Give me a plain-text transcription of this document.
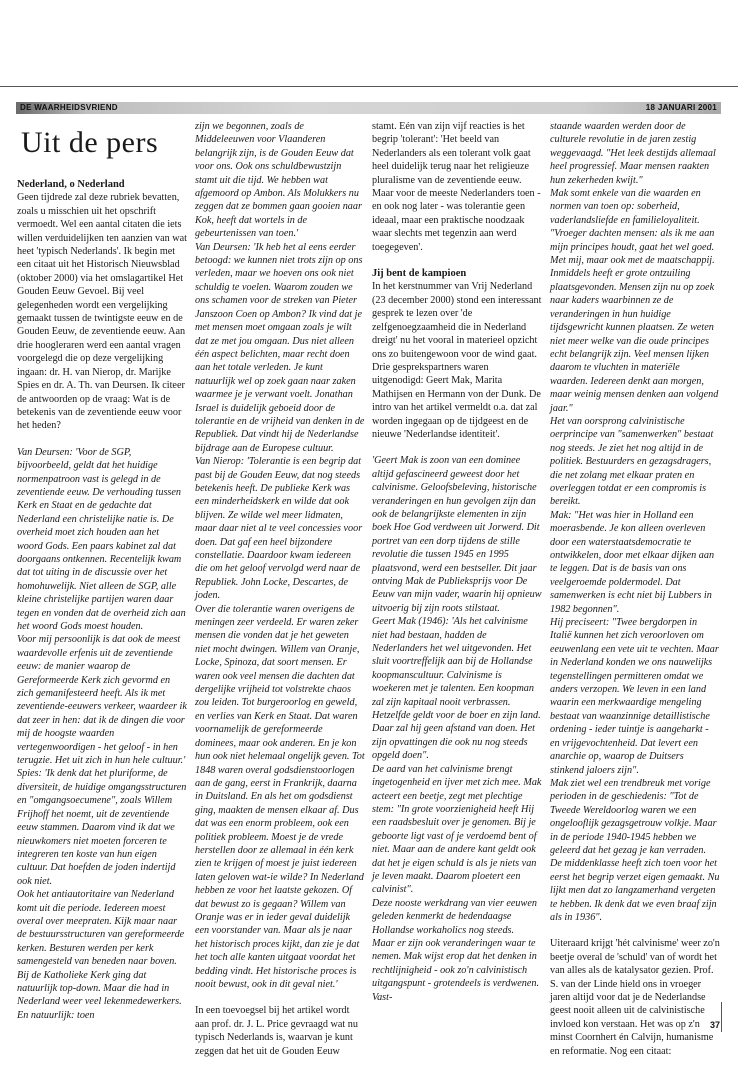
DE WAARHEIDSVRIEND	18 JANUARI 2001
Uit de pers

Nederland, o Nederland

Geen tijdrede zal deze rubriek bevatten, zoals u misschien uit het opschrift vermoedt. Wel een aantal citaten die iets willen verduidelijken ten aanzien van wat heet 'typisch Nederlands'. Ik begin met een citaat uit het Historisch Nieuwsblad (oktober 2000) via het omslagartikel Het Gouden Eeuw Gevoel. Bij veel gelegenheden wordt een vergelijking gemaakt tussen de twintigste eeuw en de Gouden Eeuw, de zeventiende eeuw. Aan drie hoogleraren werd een aantal vragen voorgelegd die op deze vergelijking ingaan: dr. H. van Nierop, dr. Marijke Spies en dr. A. Th. van Deursen. Ik citeer de antwoorden op de vraag: Wat is de betekenis van de zeventiende eeuw voor het heden?

Van Deursen: 'Voor de SGP, bijvoorbeeld, geldt dat het huidige normenpatroon vast is gelegd in de zeventiende eeuw. De verhouding tussen Kerk en Staat en de gedachte dat Nederland een christelijke natie is. De overheid moet zich houden aan het woord Gods. Een paars kabinet zal dat doorgaans ontkennen. Recentelijk kwam dat tot uiting in de discussie over het homohuwelijk. Niet alleen de SGP, alle kleine christelijke partijen waren daar tegen en vonden dat de overheid zich aan het woord Gods moest houden.

Voor mij persoonlijk is dat ook de meest waardevolle erfenis uit de zeventiende eeuw: de manier waarop de Gereformeerde Kerk zich gevormd en zich gemanifesteerd heeft. Als ik met zeventiende-eeuwers verkeer, waardeer ik dat zeer in hen: dat ik de dingen die voor mij de hoogste waarden vertegenwoordigen - het geloof - in hen terugzie. Het uit zich in hun hele cultuur.'

Spies: 'Ik denk dat het pluriforme, de diversiteit, de huidige omgangsstructuren en "omgangsoecumene", zoals Willem Frijhoff het noemt, uit de zeventiende eeuw stammen. Daarom vind ik dat we nieuwkomers niet moeten forceren te integreren ten koste van hun eigen cultuur. Dat hoefden de joden indertijd ook niet.

Ook het antiautoritaire van Nederland komt uit die periode. Iedereen moest overal over meepraten. Kijk maar naar de bestuursstructuren van gereformeerde kerken. Besturen werden per kerk samengesteld van beneden naar boven. Bij de Katholieke Kerk ging dat natuurlijk top-down. Maar die had in Nederland weer veel lekenmedewerkers. En natuurlijk: toen

zijn we begonnen, zoals de Middeleeuwen voor Vlaanderen belangrijk zijn, is de Gouden Eeuw dat voor ons. Ook ons schuldbewustzijn stamt uit die tijd. We hebben wat afgemoord op Ambon. Als Molukkers nu zeggen dat ze bommen gaan gooien naar Kok, heeft dat wortels in de gebeurtenissen van toen.'

Van Deursen: 'Ik heb het al eens eerder betoogd: we kunnen niet trots zijn op ons verleden, maar we hoeven ons ook niet schuldig te voelen. Waarom zouden we ons schamen voor de streken van Pieter Janszoon Coen op Ambon? Ik vind dat je met mensen moet omgaan zoals je wilt dat ze met jou omgaan. Dus niet alleen één aspect belichten, maar recht doen aan het totale verleden. Je kunt natuurlijk wel op zoek gaan naar zaken waarmee je je verwant voelt. Jonathan Israel is duidelijk geboeid door de tolerantie en de vrijheid van denken in de Republiek. Dat vindt hij de Nederlandse bijdrage aan de Europese cultuur.

Van Nierop: 'Tolerantie is een begrip dat past bij de Gouden Eeuw, dat nog steeds betekenis heeft. De publieke Kerk was een minderheidskerk en wilde dat ook blijven. Ze wilde wel meer lidmaten, maar daar niet al te veel concessies voor doen. Dat gaf een heel bijzondere constellatie. Daardoor kwam iedereen die om het geloof vervolgd werd naar de Republiek. John Locke, Descartes, de joden.

Over die tolerantie waren overigens de meningen zeer verdeeld. Er waren zeker mensen die vonden dat je het geweten niet mocht dwingen. Willem van Oranje, Locke, Spinoza, dat soort mensen. Er waren ook veel mensen die dachten dat dergelijke vrijheid tot volstrekte chaos zou leiden. Tot burgeroorlog en geweld, en verlies van Kerk en Staat. Dat waren voornamelijk de gereformeerde dominees, maar ook anderen. En je kon hun ook niet helemaal ongelijk geven. Tot 1848 waren overal godsdienstoorlogen aan de gang, eerst in Frankrijk, daarna in Duitsland. En als het om godsdienst ging, maakten de mensen elkaar af. Dus dat was een enorm probleem, ook een politiek probleem. Moest je de vrede herstellen door ze allemaal in één kerk zien te krijgen of moest je juist iedereen laten geloven wat-ie wilde? In Nederland hebben ze voor het laatste gekozen. Of dat bewust zo is gegaan? Willem van Oranje was er in ieder geval duidelijk een voorstander van. Maar als je naar het historisch proces kijkt, dan zie je dat het toch alle kanten uitgaat voordat het bedding vindt. Het historische proces is nooit bewust, ook in dit geval niet.'

In een toevoegsel bij het artikel wordt aan prof. dr. J. L. Price gevraagd wat nu typisch Nederlands is, waarvan je kunt zeggen dat het uit de Gouden Eeuw

stamt. Eén van zijn vijf reacties is het begrip 'tolerant': 'Het beeld van Nederlanders als een tolerant volk gaat heel duidelijk terug naar het religieuze pluralisme van de zeventiende eeuw. Maar voor de meeste Nederlanders toen - en ook nog later - was tolerantie geen ideaal, maar een praktische noodzaak waar slechts met tegenzin aan werd toegegeven'.

Jij bent de kampioen

In het kerstnummer van Vrij Nederland (23 december 2000) stond een interessant gesprek te lezen over 'de zelfgenoegzaamheid die in Nederland dreigt' nu het vooral in materieel opzicht ons zo buitengewoon voor de wind gaat. Drie gesprekspartners waren uitgenodigd: Geert Mak, Marita Mathijsen en Hermann von der Dunk. De intro van het artikel vermeldt o.a. dat zal worden ingegaan op de tijdgeest en de nieuwe 'Nederlandse identiteit'.

'Geert Mak is zoon van een dominee altijd gefascineerd geweest door het calvinisme. Geloofsbeleving, historische veranderingen en hun gevolgen zijn dan ook de belangrijkste elementen in zijn boek Hoe God verdween uit Jorwerd. Dit portret van een dorp tijdens de stille revolutie die tussen 1945 en 1995 plaatsvond, werd een bestseller. Dit jaar ontving Mak de Publieksprijs voor De Eeuw van mijn vader, waarin hij opnieuw uitvoerig bij zijn roots stilstaat.

Geert Mak (1946): 'Als het calvinisme niet had bestaan, hadden de Nederlanders het wel uitgevonden. Het sluit voortreffelijk aan bij de Hollandse koopmanscultuur. Calvinisme is woekeren met je talenten. Een koopman zal zijn kapitaal nooit verbrassen. Hetzelfde geldt voor de boer en zijn land. Daar zal hij geen afstand van doen. Het zijn opvattingen die ook nu nog steeds opgeld doen".

De aard van het calvinisme brengt ingetogenheid en ijver met zich mee. Mak acteert een beetje, zegt met plechtige stem: "In grote voorzienigheid heeft Hij een raadsbesluit over je genomen. Bij je geboorte ligt vast of je verdoemd bent of niet. Maar aan de andere kant geldt ook dat het je eigen schuld is als je niets van je leven maakt. Daarom ploetert een calvinist".

Deze nooste werkdrang van vier eeuwen geleden kenmerkt de hedendaagse Hollandse workaholics nog steeds.

Maar er zijn ook veranderingen waar te nemen. Mak wijst erop dat het denken in rechtlijnigheid - ook zo'n calvinistisch uitgangspunt - grotendeels is verdwenen. Vast-

staande waarden werden door de culturele revolutie in de jaren zestig weggevaagd. "Het leek destijds allemaal heel progressief. Maar mensen raakten hun zekerheden kwijt."

Mak somt enkele van die waarden en normen van toen op: soberheid, vaderlandsliefde en familieloyaliteit. "Vroeger dachten mensen: als ik me aan mijn principes houdt, gaat het wel goed. Met mij, maar ook met de maatschappij. Inmiddels heeft er grote ontzuiling plaatsgevonden. Mensen zijn nu op zoek naar kaders waarbinnen ze de veranderingen in hun huidige tijdsgewricht kunnen plaatsen. Ze weten niet meer welke van die oude principes echt belangrijk zijn. Veel mensen lijken daarom te vluchten in materiële waarden. Iedereen denkt aan morgen, maar weinig mensen denken aan volgend jaar."

Het van oorsprong calvinistische oerprincipe van "samenwerken" bestaat nog steeds. Je ziet het nog altijd in de politiek. Bestuurders en gezagsdragers, die net zolang met elkaar praten en overleggen totdat er een compromis is bereikt.

Mak: "Het was hier in Holland een moerasbende. Je kon alleen overleven door een waterstaatsdemocratie te ontwikkelen, door met elkaar dijken aan te leggen. Dat is de basis van ons veelgeroemde poldermodel. Dat samenwerken is echt niet bij Lubbers in 1982 begonnen".

Hij preciseert: "Twee bergdorpen in Italië kunnen het zich veroorloven om eeuwenlang een vete uit te vechten. Maar in Nederland konden we ons nauwelijks tegenstellingen permitteren omdat we anders verzopen. We leven in een land waarin een merkwaardige mengeling bestaat van waanzinnige detaillistische ordening - ieder tuintje is aangeharkt - en vrijgevochtenheid. Dat levert een anarchie op, waarop de Duitsers stinkend jaloers zijn".

Mak ziet wel een trendbreuk met vorige perioden in de geschiedenis: "Tot de Tweede Wereldoorlog waren we een ongelooflijk gezagsgetrouw volkje. Maar in de periode 1940-1945 hebben we geleerd dat het gezag je kan verraden. De middenklasse heeft zich toen voor het eerst het begrip verzet eigen gemaakt. Nu lijkt men dat zo langzamerhand vergeten te hebben. Ik denk dat we even braaf zijn als in 1936".

Uiteraard krijgt 'hét calvinisme' weer zo'n beetje overal de 'schuld' van of wordt het van alles als de katalysator gezien. Prof. S. van der Linde hield ons in vroeger jaren altijd voor dat je de Nederlandse geest nooit alleen uit de calvinistische invloed kon verstaan. Het was op z'n minst Coornhert én Calvijn, humanisme en reformatie. Nog een citaat:

37
